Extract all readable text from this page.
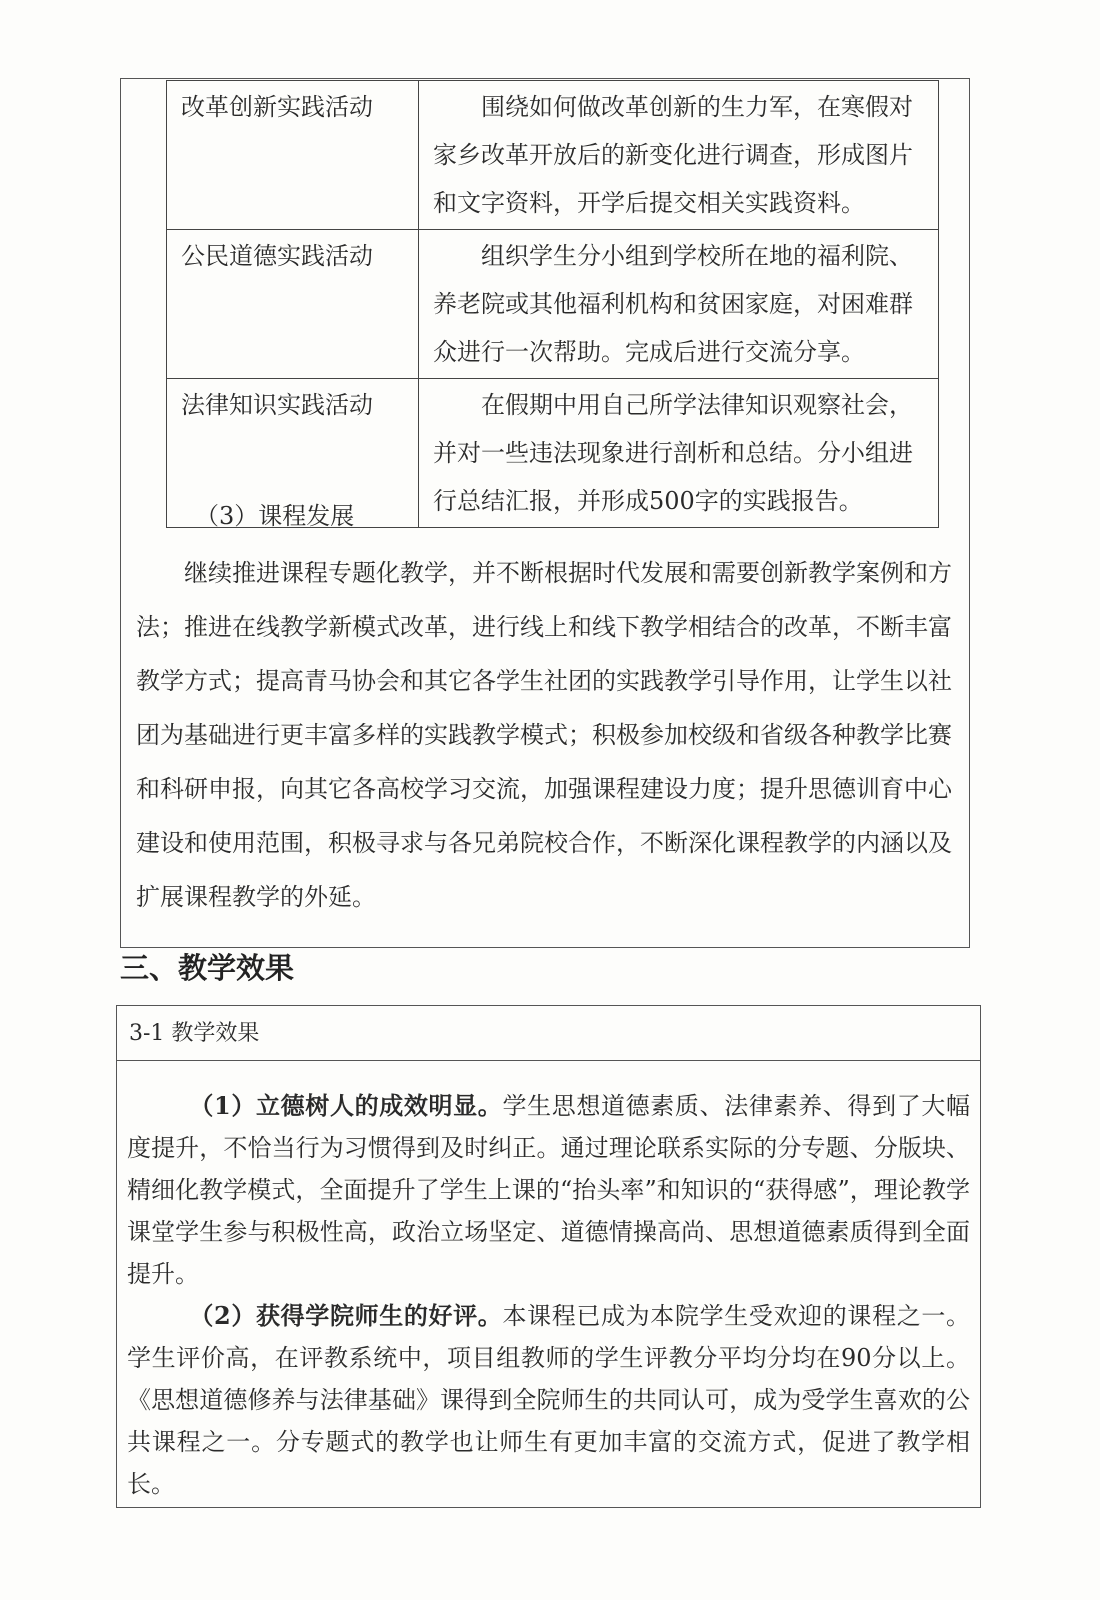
改革创新实践活动	围绕如何做改革创新的生力军，在寒假对家乡改革开放后的新变化进行调查，形成图片和文字资料，开学后提交相关实践资料。
公民道德实践活动	组织学生分小组到学校所在地的福利院、养老院或其他福利机构和贫困家庭，对困难群众进行一次帮助。完成后进行交流分享。
法律知识实践活动	在假期中用自己所学法律知识观察社会，并对一些违法现象进行剖析和总结。分小组进行总结汇报，并形成500字的实践报告。
（3）课程发展
继续推进课程专题化教学，并不断根据时代发展和需要创新教学案例和方法；推进在线教学新模式改革，进行线上和线下教学相结合的改革，不断丰富教学方式；提高青马协会和其它各学生社团的实践教学引导作用，让学生以社团为基础进行更丰富多样的实践教学模式；积极参加校级和省级各种教学比赛和科研申报，向其它各高校学习交流，加强课程建设力度；提升思德训育中心建设和使用范围，积极寻求与各兄弟院校合作，不断深化课程教学的内涵以及扩展课程教学的外延。
三、教学效果
3-1 教学效果

（1）立德树人的成效明显。学生思想道德素质、法律素养、得到了大幅度提升，不恰当行为习惯得到及时纠正。通过理论联系实际的分专题、分版块、精细化教学模式，全面提升了学生上课的“抬头率”和知识的“获得感”，理论教学课堂学生参与积极性高，政治立场坚定、道德情操高尚、思想道德素质得到全面提升。

（2）获得学院师生的好评。本课程已成为本院学生受欢迎的课程之一。学生评价高，在评教系统中，项目组教师的学生评教分平均分均在90分以上。《思想道德修养与法律基础》课得到全院师生的共同认可，成为受学生喜欢的公共课程之一。分专题式的教学也让师生有更加丰富的交流方式，促进了教学相长。
